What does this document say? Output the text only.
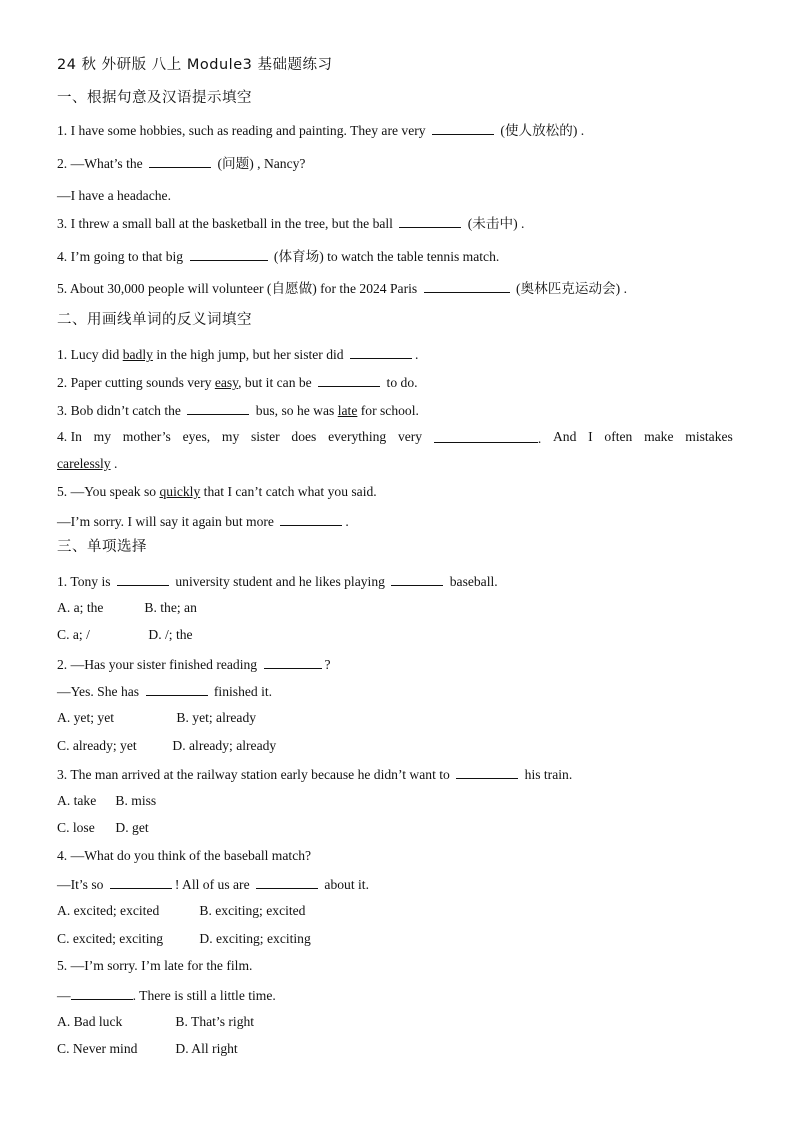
24 秋 外研版 八上 Module3 基础题练习
一、根据句意及汉语提示填空
1. I have some hobbies, such as reading and painting. They are very	(使人放松的) .
2. —What’s the	(问题) , Nancy?
—I have a headache.
3. I threw a small ball at the basketball in the tree, but the ball	(未击中) .
4. I’m going to that big	(体育场) to watch the table tennis match.
5. About 30,000 people will volunteer (自愿做) for the 2024 Paris	(奥林匹克运动会) .
二、用画线单词的反义词填空
1. Lucy did badly in the high jump, but her sister did	.
2. Paper cutting sounds very easy, but it can be	to do.
3. Bob didn’t catch the	bus, so he was late for school.
4. In my mother’s eyes, my sister does everything very	. And I often make mistakes
carelessly .
5. —You speak so quickly that I can’t catch what you said.
—I’m sorry. I will say it again but more	.
三、单项选择
1. Tony is	university student and he likes playing	baseball.
A. a; the	B. the; an
C. a; /	D. /; the
2. —Has your sister finished reading	?
—Yes. She has	finished it.
A. yet; yet	B. yet; already
C. already; yet	D. already; already
3. The man arrived at the railway station early because he didn’t want to	his train.
A. take B. miss
C. lose D. get
4. —What do you think of the baseball match?
—It’s so	! All of us are	about it.
A. excited; excited	B. exciting; excited
C. excited; exciting	D. exciting; exciting
5. —I’m sorry. I’m late for the film.
—	. There is still a little time.
A. Bad luck	B. That’s right
C. Never mind	D. All right
